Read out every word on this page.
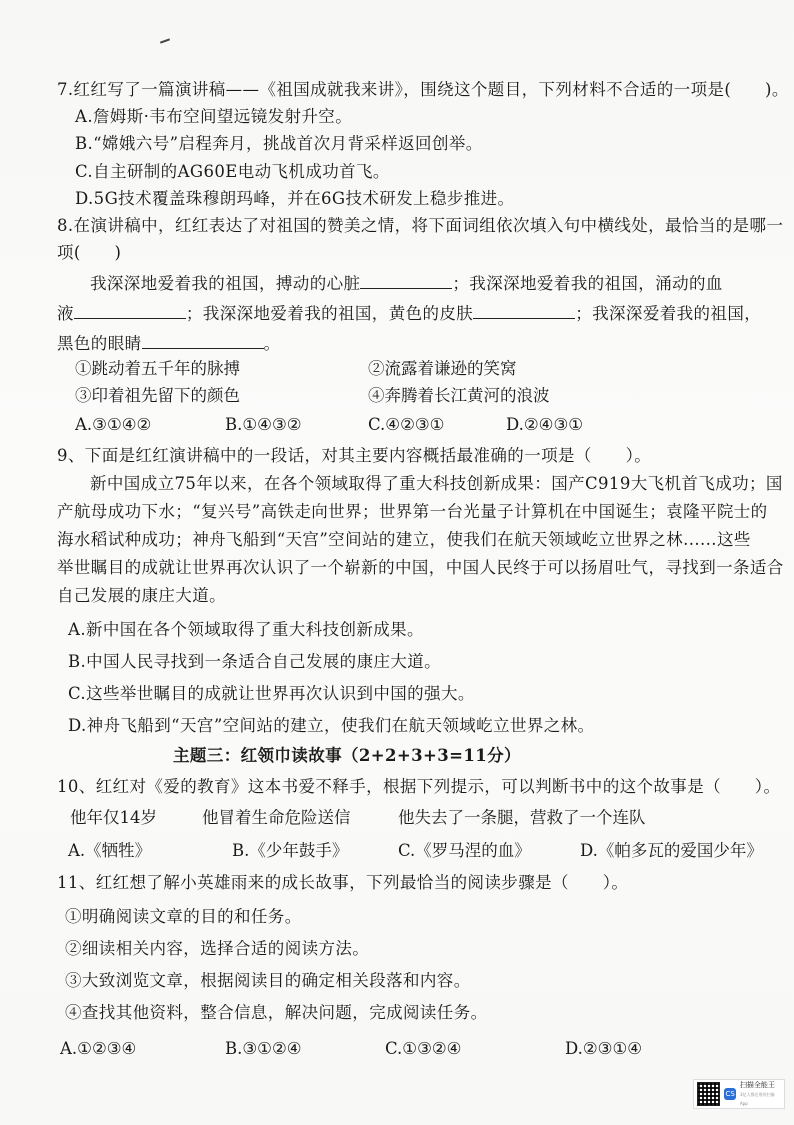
7.红红写了一篇演讲稿——《祖国成就我来讲》，围绕这个题目，下列材料不合适的一项是(　　)。
A.詹姆斯·韦布空间望远镜发射升空。
B.“嫦娥六号”启程奔月，挑战首次月背采样返回创举。
C.自主研制的AG60E电动飞机成功首飞。
D.5G技术覆盖珠穆朗玛峰，并在6G技术研发上稳步推进。
8.在演讲稿中，红红表达了对祖国的赞美之情，将下面词组依次填入句中横线处，最恰当的是哪一
项(　　)
我深深地爱着我的祖国，搏动的心脏	；我深深地爱着我的祖国，涌动的血
液	；我深深地爱着我的祖国，黄色的皮肤	；我深深爱着我的祖国，
黑色的眼睛	。
①跳动着五千年的脉搏	②流露着谦逊的笑窝
③印着祖先留下的颜色	④奔腾着长江黄河的浪波
A.③①④②	B.①④③②	C.④②③①	D.②④③①
9、下面是红红演讲稿中的一段话，对其主要内容概括最准确的一项是（　　）。
新中国成立75年以来，在各个领域取得了重大科技创新成果：国产C919大飞机首飞成功；国
产航母成功下水；“复兴号”高铁走向世界；世界第一台光量子计算机在中国诞生；袁隆平院士的
海水稻试种成功；神舟飞船到“天宫”空间站的建立，使我们在航天领域屹立世界之林......这些
举世瞩目的成就让世界再次认识了一个崭新的中国，中国人民终于可以扬眉吐气，寻找到一条适合
自己发展的康庄大道。
A.新中国在各个领域取得了重大科技创新成果。
B.中国人民寻找到一条适合自己发展的康庄大道。
C.这些举世瞩目的成就让世界再次认识到中国的强大。
D.神舟飞船到“天宫”空间站的建立，使我们在航天领域屹立世界之林。
主题三：红领巾读故事（2+2+3+3=11分）
10、红红对《爱的教育》这本书爱不释手，根据下列提示，可以判断书中的这个故事是（　　）。
他年仅14岁	他冒着生命危险送信	他失去了一条腿，营救了一个连队
A.《牺牲》	B.《少年鼓手》	C.《罗马涅的血》	D.《帕多瓦的爱国少年》
11、红红想了解小英雄雨来的成长故事，下列最恰当的阅读步骤是（　　）。
①明确阅读文章的目的和任务。
②细读相关内容，选择合适的阅读方法。
③大致浏览文章，根据阅读目的确定相关段落和内容。
④查找其他资料，整合信息，解决问题，完成阅读任务。
A.①②③④	B.③①②④	C.①③②④	D.②③①④
CS
扫描全能王
3亿人都在用的扫描App
